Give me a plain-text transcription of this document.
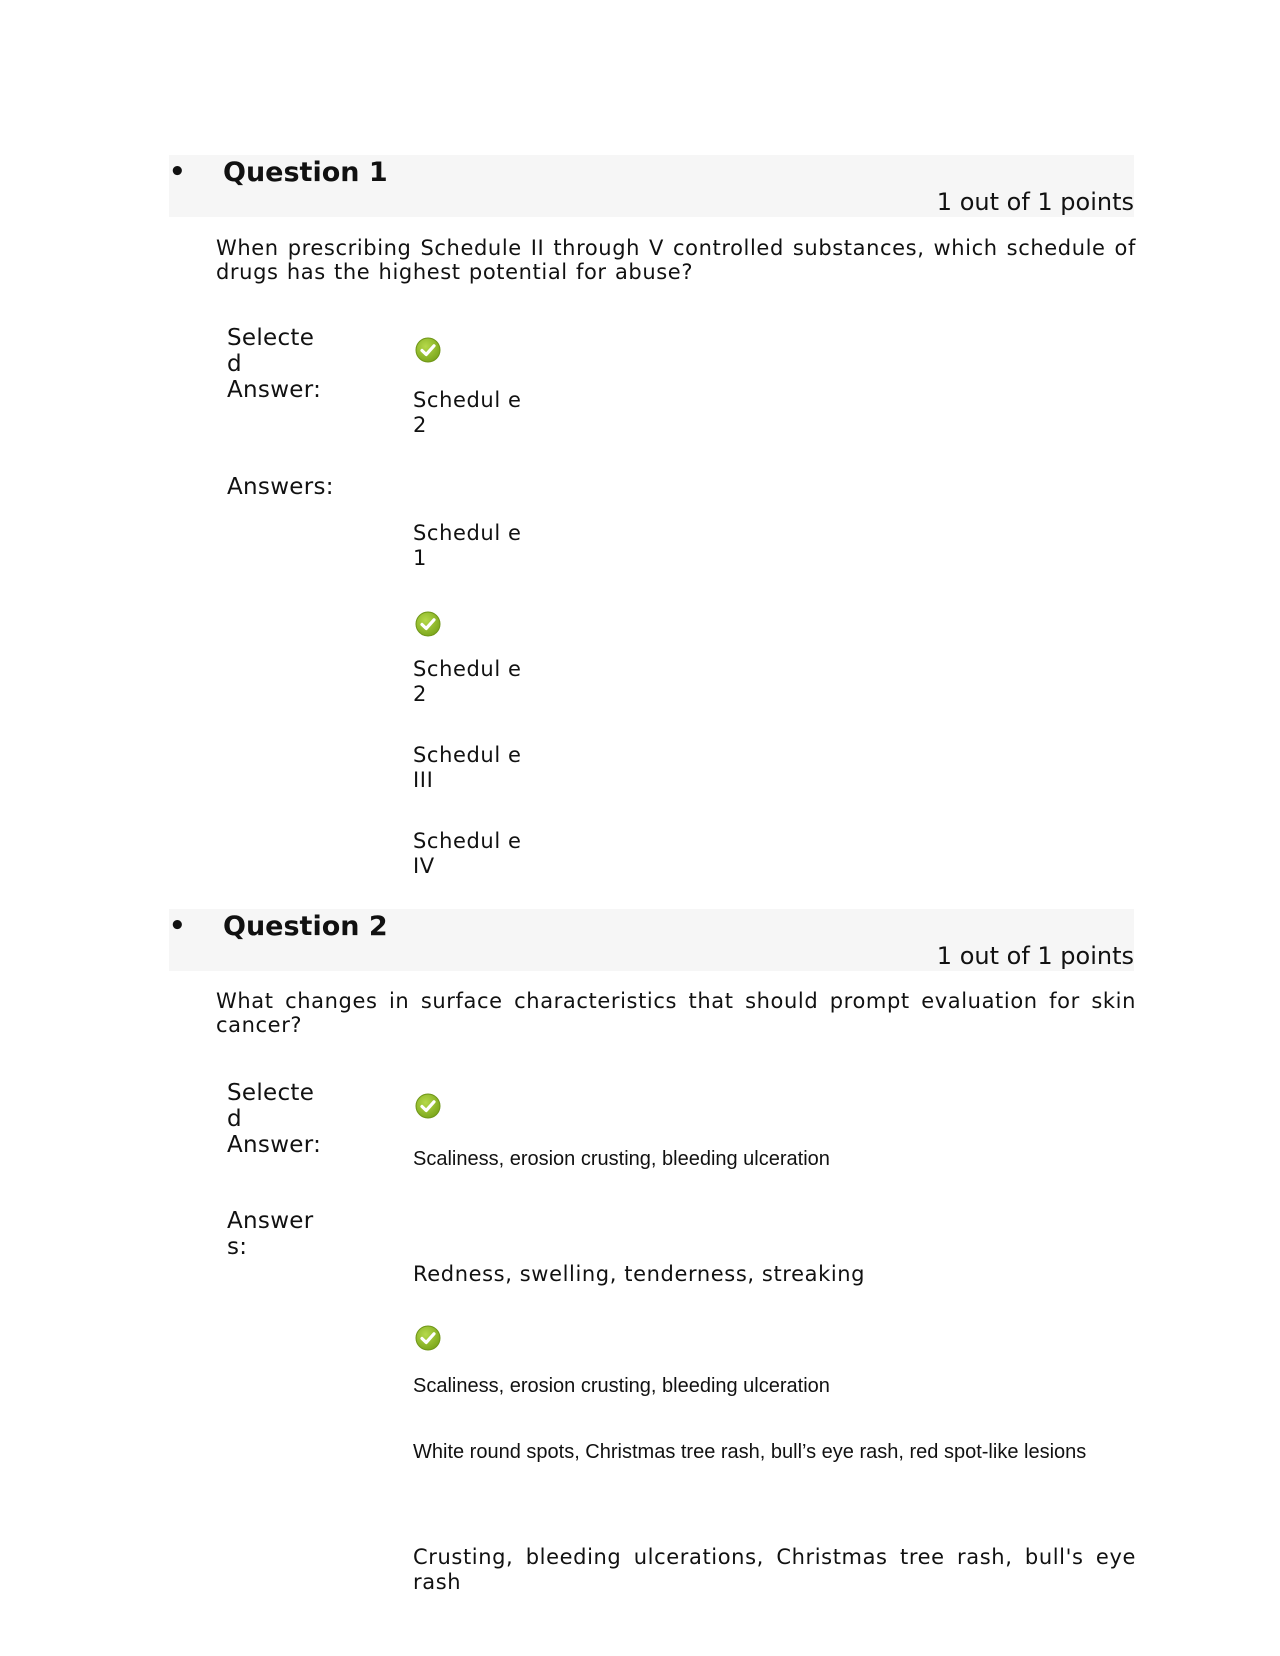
• Question 1
1 out of 1 points
When prescribing Schedule II through V controlled substances, which schedule of drugs has the highest potential for abuse?
Selecte
d
Answer:	Schedul e 2
Answers:
Schedul e 1
Schedul e 2
Schedul e III
Schedul e IV
• Question 2
1 out of 1 points
What changes in surface characteristics that should prompt evaluation for skin cancer?
Selecte
d
Answer:
Scaliness, erosion crusting, bleeding ulceration
Answer
s:
Redness, swelling, tenderness, streaking
Scaliness, erosion crusting, bleeding ulceration
White round spots, Christmas tree rash, bull’s eye rash, red spot-like lesions
Crusting, bleeding ulcerations, Christmas tree rash, bull's eye rash
